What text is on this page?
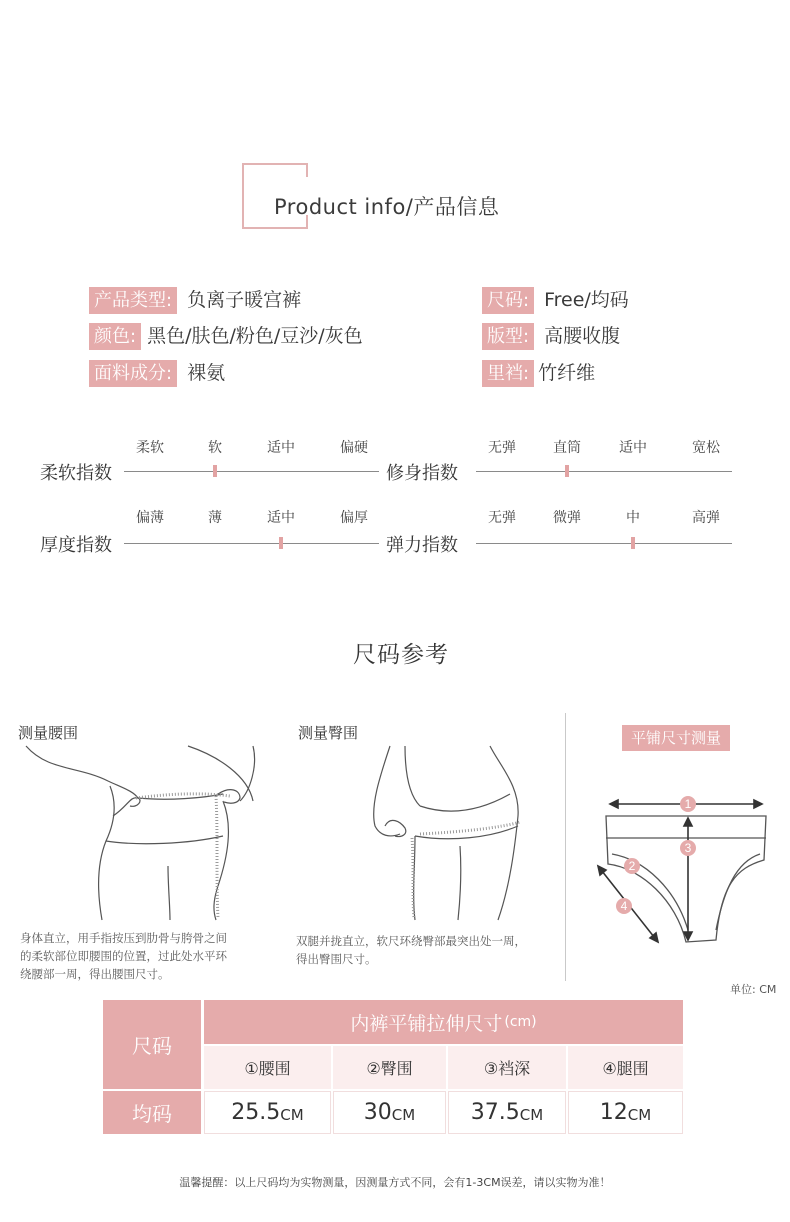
Product info/产品信息
产品类型: 负离子暖宫裤
颜色: 黑色/肤色/粉色/豆沙/灰色
面料成分: 裸氨
尺码: Free/均码
版型: 高腰收腹
里裆: 竹纤维
柔软指数
柔软	软	适中	偏硬
修身指数
无弹	直筒	适中	宽松
厚度指数
偏薄	薄	适中	偏厚
弹力指数
无弹	微弹	中	高弹
尺码参考
测量腰围
身体直立，用手指按压到肋骨与胯骨之间
的柔软部位即腰围的位置，过此处水平环
绕腰部一周，得出腰围尺寸。
测量臀围
双腿并拢直立，软尺环绕臀部最突出处一周，
得出臀围尺寸。
平铺尺寸测量
1
3
2
4
单位: CM
尺码
内裤平铺拉伸尺寸 (cm)
①腰围	②臀围	③裆深	④腿围
均码	25.5 CM	30 CM	37.5 CM	12 CM
温馨提醒：以上尺码均为实物测量，因测量方式不同，会有1-3CM误差，请以实物为准！
